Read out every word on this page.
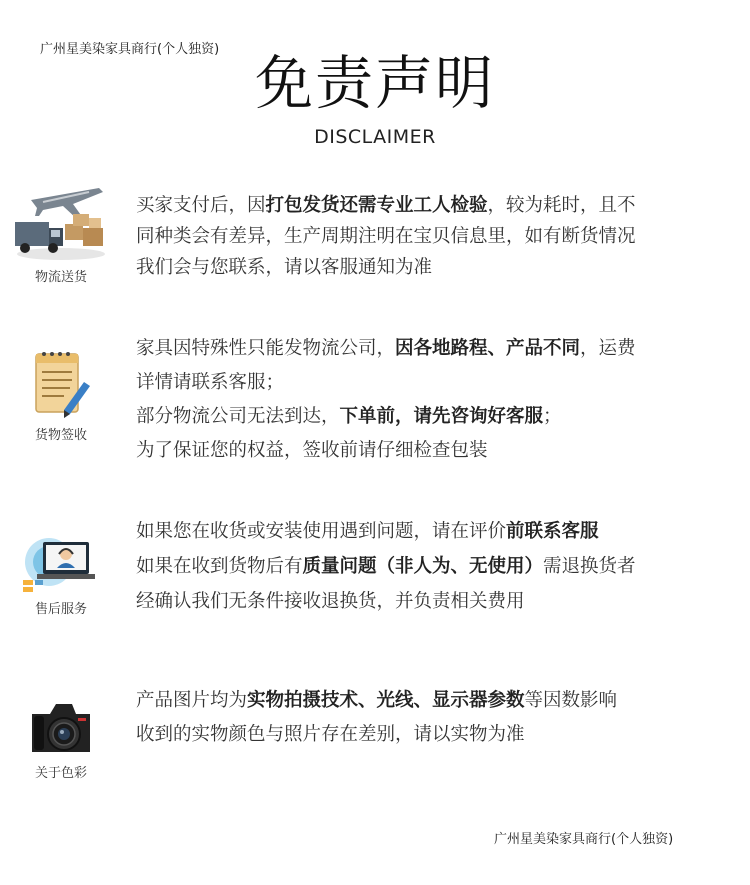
广州星美染家具商行(个人独资) 免责声明
DISCLAIMER
物流送货
买家支付后，因打包发货还需专业工人检验，较为耗时，且不
同种类会有差异，生产周期注明在宝贝信息里，如有断货情况
我们会与您联系，请以客服通知为准
货物签收
家具因特殊性只能发物流公司，因各地路程、产品不同，运费
详情请联系客服；
部分物流公司无法到达，下单前，请先咨询好客服；
为了保证您的权益，签收前请仔细检查包装
售后服务
如果您在收货或安装使用遇到问题，请在评价前联系客服
如果在收到货物后有质量问题（非人为、无使用）需退换货者
经确认我们无条件接收退换货，并负责相关费用
关于色彩
产品图片均为实物拍摄技术、光线、显示器参数等因数影响
收到的实物颜色与照片存在差别，请以实物为准
广州星美染家具商行(个人独资)
